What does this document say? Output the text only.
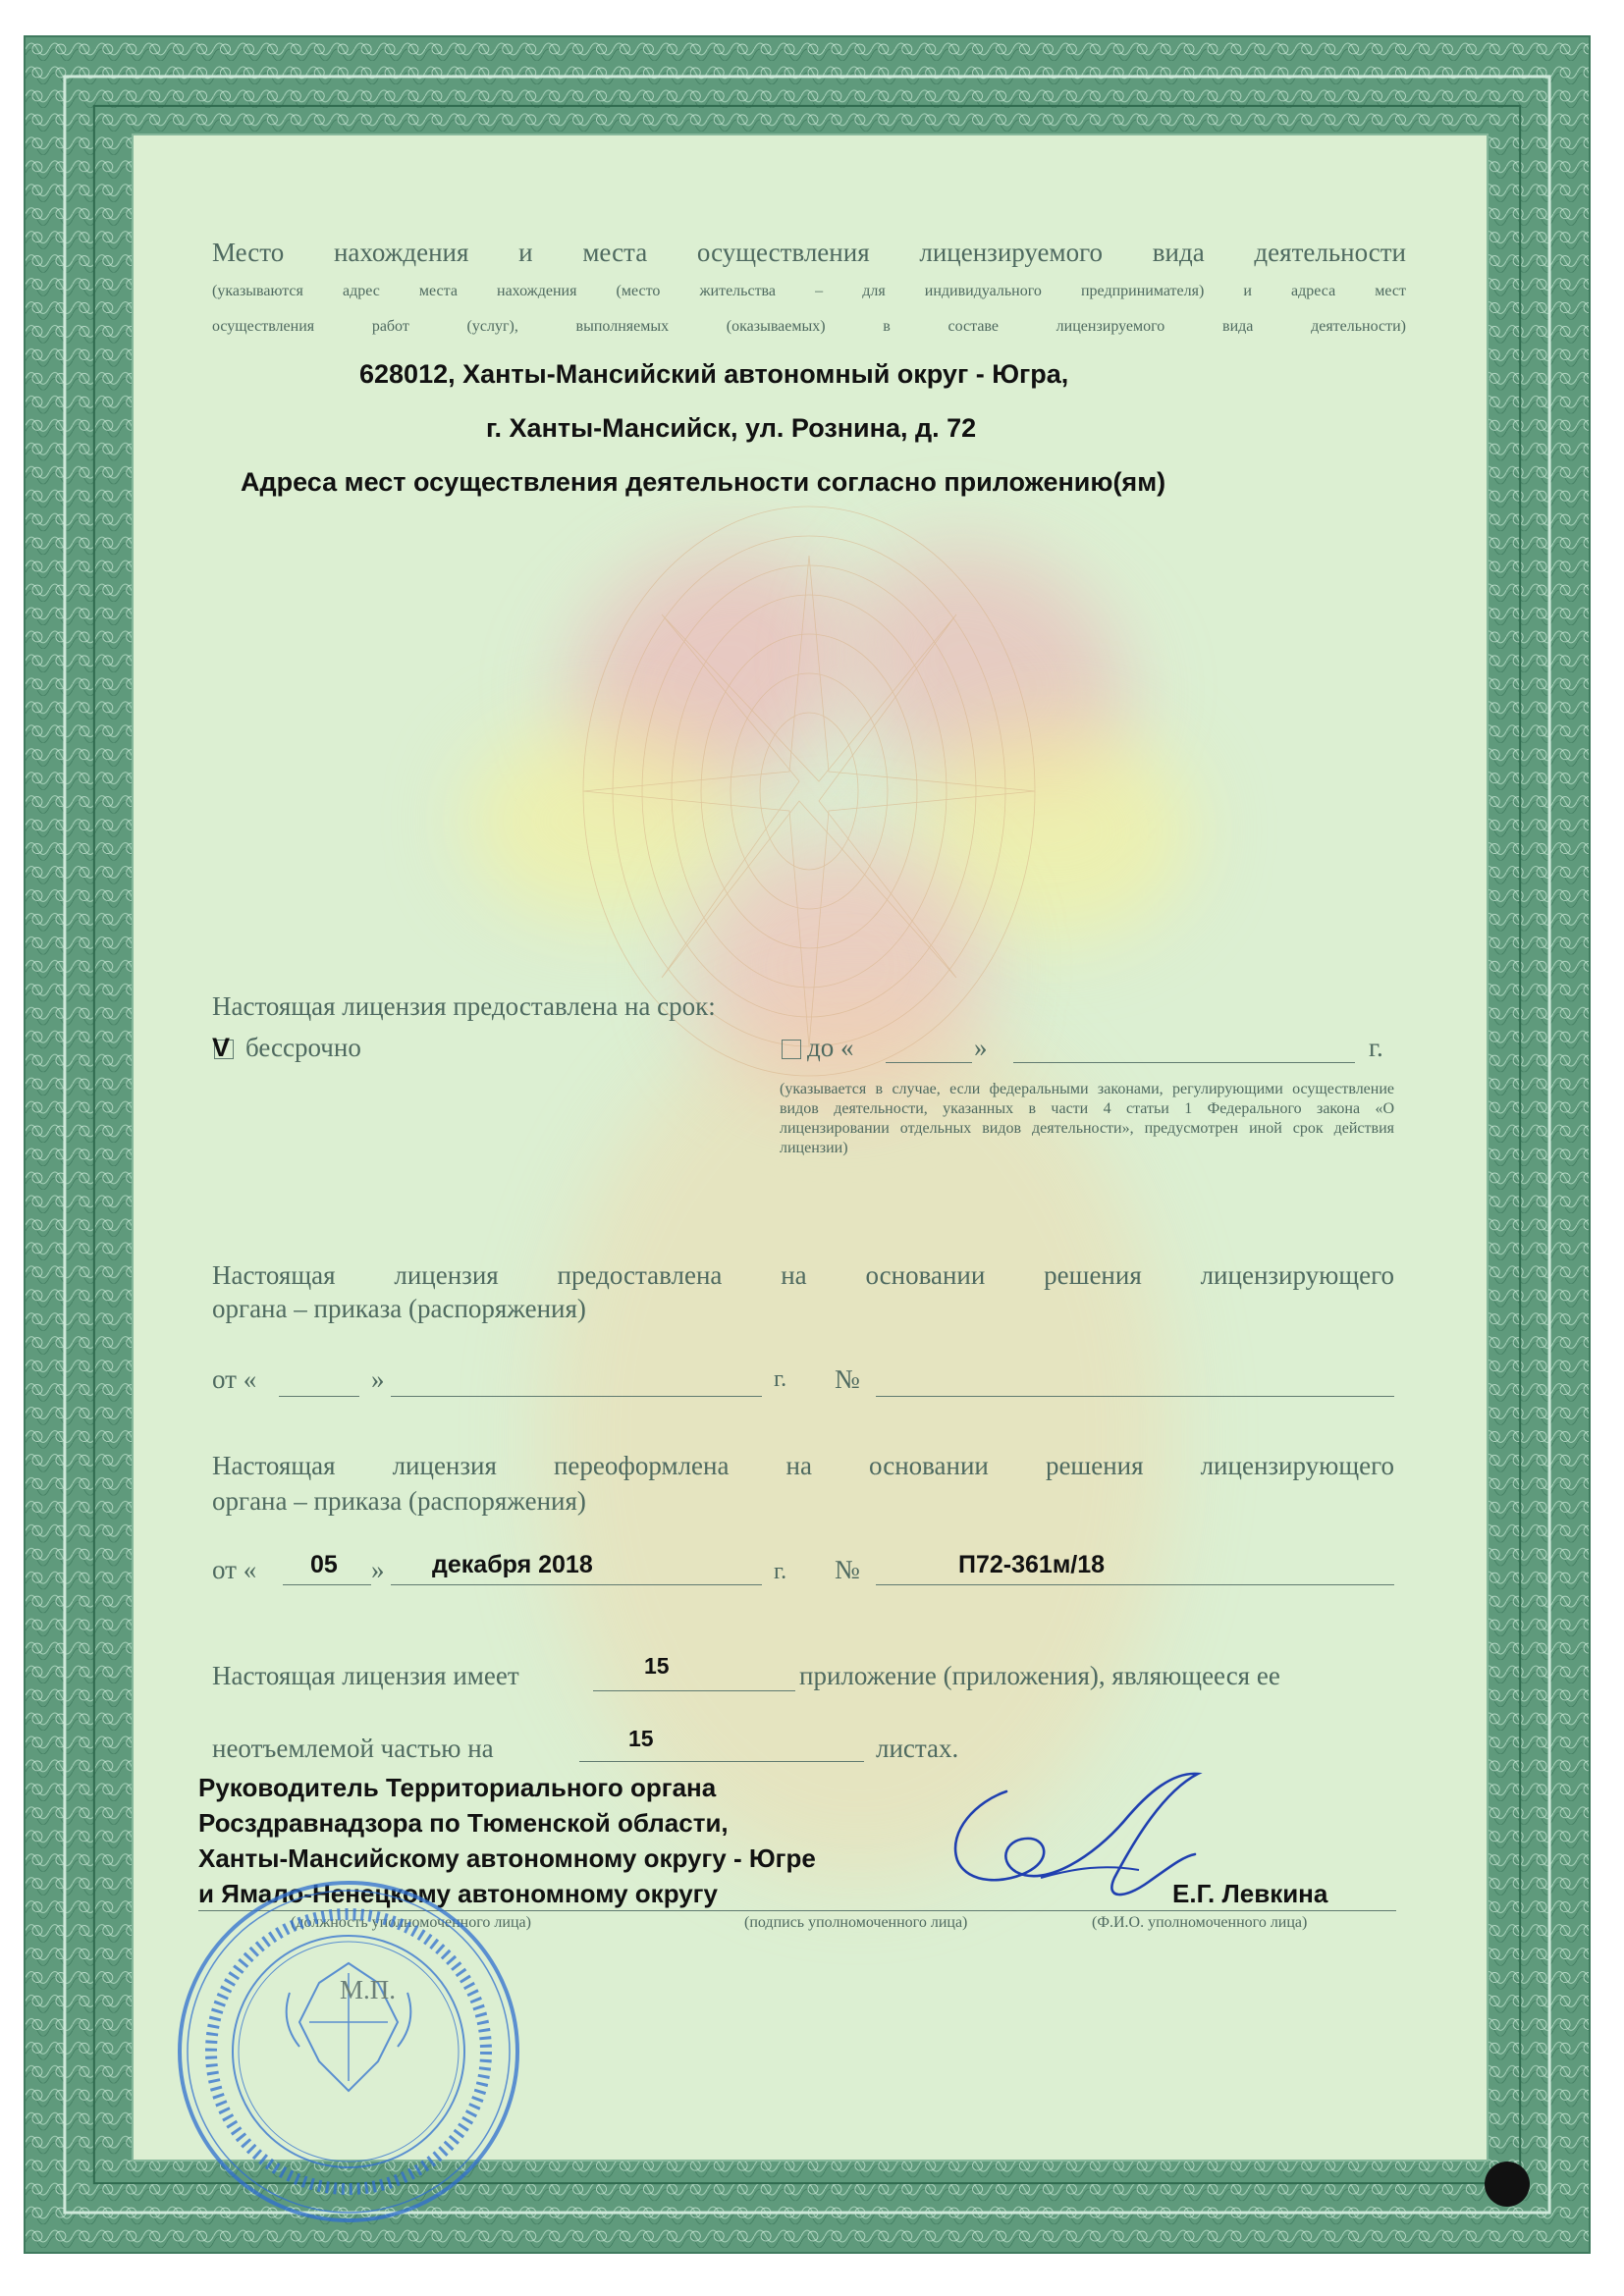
Место нахождения и места осуществления лицензируемого вида деятельности
(указываются адрес места нахождения (место жительства – для индивидуального предпринимателя) и адреса мест
осуществления работ (услуг), выполняемых (оказываемых) в составе лицензируемого вида деятельности)
628012, Ханты-Мансийский автономный округ - Югра,
г. Ханты-Мансийск, ул. Рознина, д. 72
Адреса мест осуществления деятельности согласно приложению(ям)
Настоящая лицензия предоставлена на срок:
V бессрочно	до «	»	г.
(указывается в случае, если федеральными законами, регулирующими осуществление видов деятельности, указанных в части 4 статьи 1 Федерального закона «О лицензировании отдельных видов деятельности», предусмотрен иной срок действия лицензии)
Настоящая лицензия предоставлена на основании решения лицензирующего
органа – приказа (распоряжения)
от «	»	г. №
Настоящая лицензия переоформлена на основании решения лицензирующего
органа – приказа (распоряжения)
от « 05 » декабря 2018	г. №	П72-361м/18
Настоящая лицензия имеет	15	приложение (приложения), являющееся ее
неотъемлемой частью на	15	листах.
Руководитель Территориального органа
Росздравнадзора по Тюменской области,
Ханты-Мансийскому автономному округу - Югре
и Ямало-Ненецкому автономному округу	Е.Г. Левкина
(должность уполномоченного лица)	(подпись уполномоченного лица)	(Ф.И.О. уполномоченного лица)
М.П.
